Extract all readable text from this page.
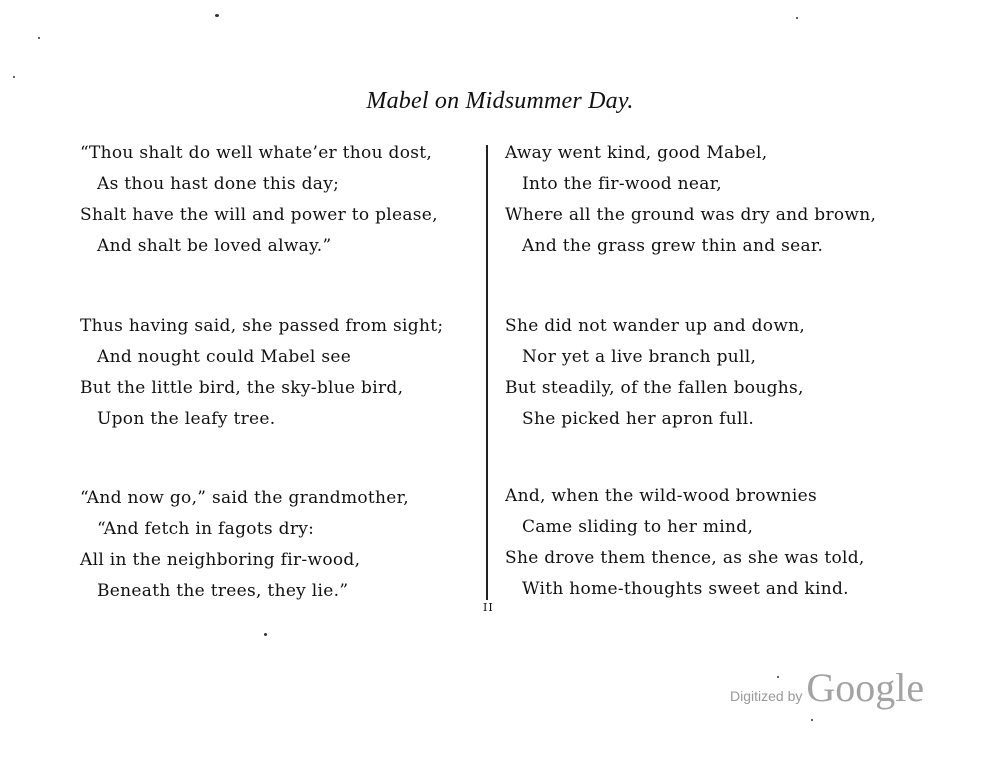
Mabel on Midsummer Day.
“Thou shalt do well whate’er thou dost,
As thou hast done this day;
Shalt have the will and power to please,
And shalt be loved alway.”
Thus having said, she passed from sight;
And nought could Mabel see
But the little bird, the sky-blue bird,
Upon the leafy tree.
“And now go,” said the grandmother,
“And fetch in fagots dry:
All in the neighboring fir-wood,
Beneath the trees, they lie.”
II
Away went kind, good Mabel,
Into the fir-wood near,
Where all the ground was dry and brown,
And the grass grew thin and sear.
She did not wander up and down,
Nor yet a live branch pull,
But steadily, of the fallen boughs,
She picked her apron full.
And, when the wild-wood brownies
Came sliding to her mind,
She drove them thence, as she was told,
With home-thoughts sweet and kind.
Digitized by Google
